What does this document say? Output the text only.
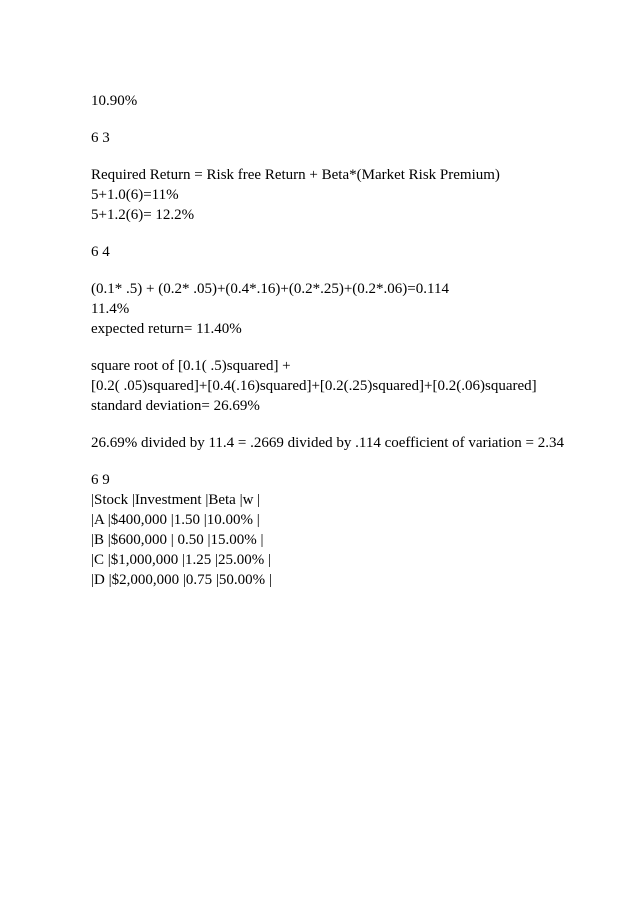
10.90%
6 3
Required Return = Risk free Return + Beta*(Market Risk Premium)
5+1.0(6)=11%
5+1.2(6)= 12.2%
6 4
(0.1* .5) + (0.2* .05)+(0.4*.16)+(0.2*.25)+(0.2*.06)=0.114
11.4%
expected return= 11.40%
square root of [0.1( .5)squared] +
[0.2( .05)squared]+[0.4(.16)squared]+[0.2(.25)squared]+[0.2(.06)squared]
standard deviation= 26.69%
26.69% divided by 11.4 = .2669 divided by .114 coefficient of variation = 2.34
6 9
|Stock |Investment |Beta |w |
|A |$400,000 |1.50 |10.00% |
|B |$600,000 | 0.50 |15.00% |
|C |$1,000,000 |1.25 |25.00% |
|D |$2,000,000 |0.75 |50.00% |
